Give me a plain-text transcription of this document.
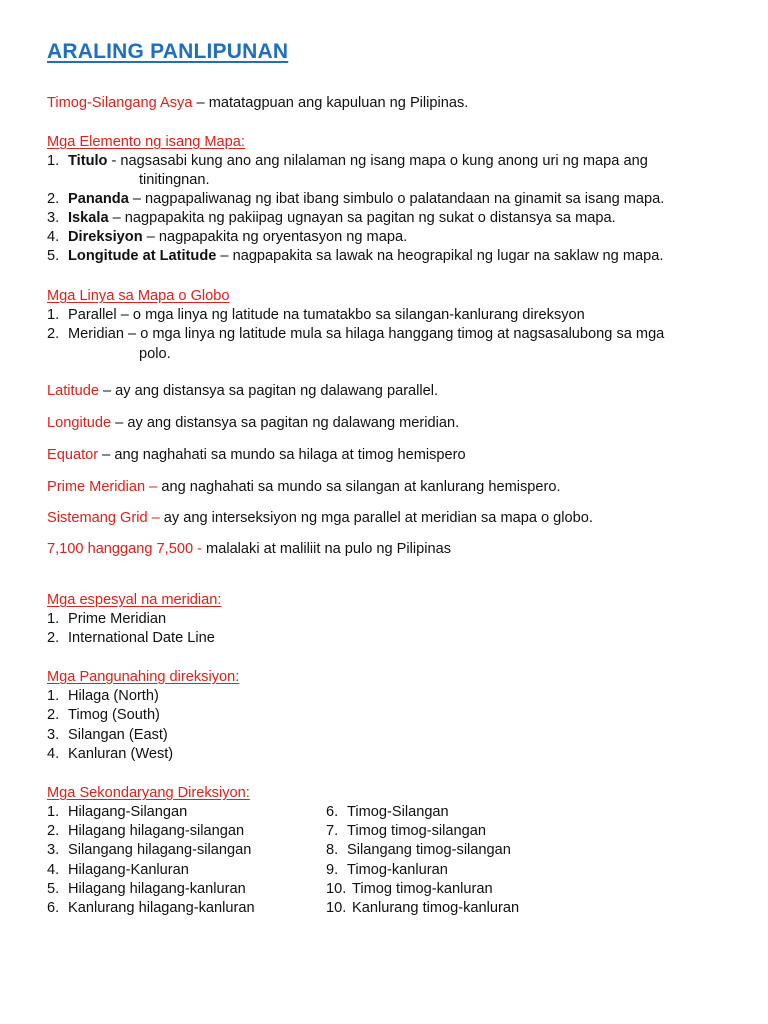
ARALING PANLIPUNAN
Timog-Silangang Asya – matatagpuan ang kapuluan ng Pilipinas.
Mga Elemento ng isang Mapa:
1. Titulo - nagsasabi kung ano ang nilalaman ng isang mapa o kung anong uri ng mapa ang
tinitingnan.
2. Pananda – nagpapaliwanag ng ibat ibang simbulo o palatandaan na ginamit sa isang mapa.
3. Iskala – nagpapakita ng pakiipag ugnayan sa pagitan ng sukat o distansya sa mapa.
4. Direksiyon – nagpapakita ng oryentasyon ng mapa.
5. Longitude at Latitude – nagpapakita sa lawak na heograpikal ng lugar na saklaw ng mapa.
Mga Linya sa Mapa o Globo
1. Parallel – o mga linya ng latitude na tumatakbo sa silangan-kanlurang direksyon
2. Meridian – o mga linya ng latitude mula sa hilaga hanggang timog at nagsasalubong sa mga
polo.
Latitude – ay ang distansya sa pagitan ng dalawang parallel.
Longitude – ay ang distansya sa pagitan ng dalawang meridian.
Equator – ang naghahati sa mundo sa hilaga at timog hemispero
Prime Meridian – ang naghahati sa mundo sa silangan at kanlurang hemispero.
Sistemang Grid – ay ang interseksiyon ng mga parallel at meridian sa mapa o globo.
7,100 hanggang 7,500 - malalaki at maliliit na pulo ng Pilipinas
Mga espesyal na meridian:
1. Prime Meridian
2. International Date Line
Mga Pangunahing direksiyon:
1. Hilaga (North)
2. Timog (South)
3. Silangan (East)
4. Kanluran (West)
Mga Sekondaryang Direksiyon:
1. Hilagang-Silangan
2. Hilagang hilagang-silangan
3. Silangang hilagang-silangan
4. Hilagang-Kanluran
5. Hilagang hilagang-kanluran
6. Kanlurang hilagang-kanluran
6. Timog-Silangan
7. Timog timog-silangan
8. Silangang timog-silangan
9. Timog-kanluran
10. Timog timog-kanluran
10. Kanlurang timog-kanluran
